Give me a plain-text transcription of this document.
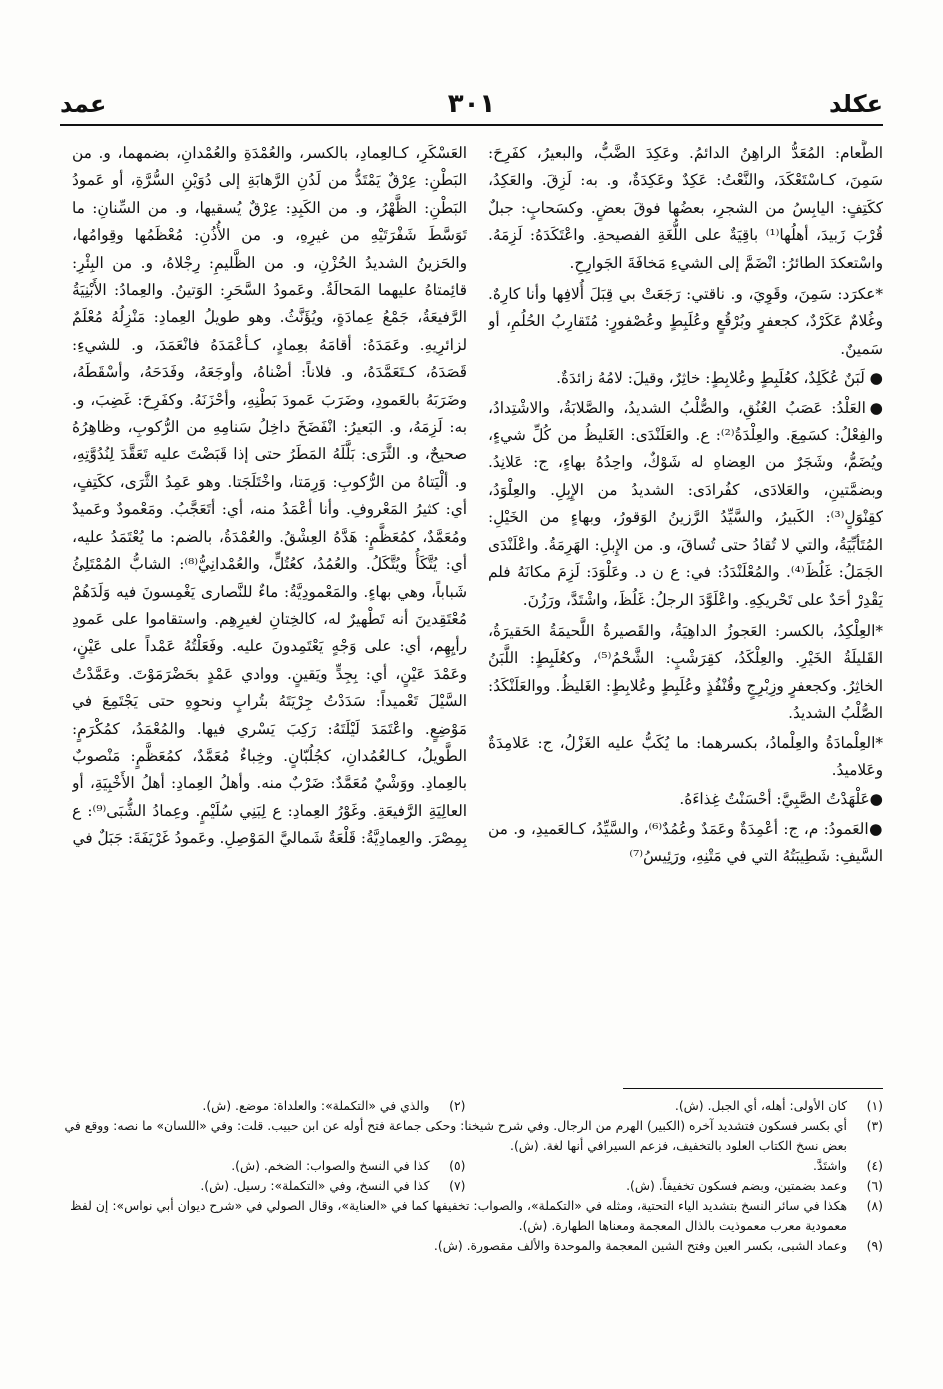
عكلد
٣٠١
عمد

الطَّعام: المُعَدُّ الراهِنُ الدائمُ. وعَكِدَ الضَّبُّ، والبعيرُ، كفَرِحَ: سَمِنَ، كـاسْتَعْكَدَ، والنَّعْتُ: عَكِدٌ وعَكِدَةٌ، و. به: لَزِقَ. والعَكِدُ، ككَتِفٍ: اليابِسُ من الشجرِ، بعضُها فوقَ بعضٍ. وكسَحابٍ: جبلٌ قُرْبَ زَبيدَ، أهلُها⁽¹⁾ باقِيَةٌ على اللُّغَةِ الفصيحةِ. واعْتَكَدَهُ: لَزِمَهُ. واسْتعكدَ الطائرُ: انْضَمَّ إلى الشيءِ مَخافَةَ الجَوارِحِ.

*عكرَد: سَمِنَ، وقَوِيَ، و. ناقتي: رَجَعَتْ بي قِبَلَ أُلافِها وأنا كارِهٌ. وغُلامٌ عَكَرْدٌ، كجعفرٍ وبُرْقُعٍ وعُلَبِطٍ وعُصْفورٍ: مُتَقارِبُ الحُلُمِ، أو سَمينٌ.

● لَبَنٌ عُكَلِدٌ، كعُلَبِطٍ وعُلابِطٍ: خاثِرٌ، وقيلَ: لامُهُ زائدَةٌ.

●العَلْدُ: عَصَبُ العُنُقِ، والصُّلْبُ الشديدُ، والصَّلابَةُ، والاشْتِدادُ، والفِعْلُ: كسَمِعَ. والعِلْدَةُ⁽²⁾: ع. والعَلَنْدَى: الغَليظُ من كُلِّ شيءٍ، ويُضَمُّ، وشَجَرٌ من العِضاهِ له شَوْكٌ، واحِدُهُ بهاءٍ، ج: عَلانِدُ. وبضمَّتينِ، والعَلادَى، كفُرادَى: الشديدُ من الإِبِلِ. والعِلْوَدُ، كقِنْوَلٍ⁽³⁾: الكَبيرُ، والسَّيِّدُ الرَّزينُ الوَقورُ، وبهاءٍ من الخَيْلِ: المُتَأبِّيَةُ، والتي لا تُقادُ حتى تُساقَ، و. من الإِبلِ: الهَرِمَةُ. واعْلَنْدَى الجَمَلُ: غَلُظَ⁽⁴⁾. والمُعْلَنْدَدُ: في: ع ن د. وعَلْوَدَ: لَزِمَ مكانَهُ فلم يَقْدِرْ أحَدٌ على تَحْريكِهِ. واعْلَوَّدَ الرجلُ: غَلُظَ، واشْتَدَّ، ورَزُنَ.

*العِلْكِدُ، بالكسر: العَجوزُ الداهِيَةُ، والقَصيرةُ اللَّحيمَةُ الحَقيرَةُ، القَليلَةُ الخَيْرِ. والعِلْكَدُ، كقِرَشْبٍ: الشَّحْمُ⁽⁵⁾، وكعُلَبِطٍ: اللَّبَنُ الخاثِرُ. وكجعفرٍ وزِبْرِجٍ وقُنْفُذٍ وعُلَبِطٍ وعُلابِطٍ: الغَليظُ. ووالعَلَنْكَدُ: الصُّلْبُ الشديدُ.

*العِلْمادَةُ والعِلْمادُ، بكسرهما: ما يُكَبُّ عليه الغَزْلُ، ج: عَلامِدَةٌ وعَلاميدُ.

●عَلْهَدْتُ الصَّبِيَّ: أحْسَنْتُ غِذاءَهُ.

●العَمودُ: م، ج: أعْمِدَةٌ وعَمَدٌ وعُمُدٌ⁽⁶⁾، والسَّيِّدُ، كـالعَميدِ، و. من السَّيفِ: شَطِيبَتُهُ التي في مَتْنِهِ، ورَئِيسُ⁽⁷⁾

العَسْكَرِ، كـالعِمادِ، بالكسر، والعُمْدَةِ والعُمْدانِ، بضمهما، و. من البَطْنِ: عِرْقٌ يَمْتَدُّ من لَدُنِ الرَّهابَةِ إلى دُوَيْنِ السُّرَّةِ، أو عَمودُ البَطْنِ: الظَّهْرُ، و. من الكَبِدِ: عِرْقٌ يُسقيها، و. من السِّنانِ: ما تَوَسَّطَ شَفْرَتَيْهِ من غيرِهِ، و. من الأُذُنِ: مُعْظَمُها وقِوامُها، والحَزينُ الشديدُ الحُزْنِ، و. من الظَّليمِ: رِجْلاهُ، و. من البِئْرِ: قائِمتاهُ عليهما المَحالَةُ. وعَمودُ السَّحَرِ: الوَتينُ. والعِمادُ: الأَبْنِيَةُ الرَّفيعَةُ، جَمْعُ عِمادَةٍ، ويُؤَنَّثُ. وهو طويلُ العِمادِ: مَنْزِلُهُ مُعْلَمٌ لزائرِيهِ. وعَمَدَهُ: أقامَهُ بعِمادٍ، كـأعْمَدَهُ فانْعَمَدَ، و. للشيءِ: قَصَدَهُ، كـتَعَمَّدَهُ، و. فلاناً: أضْناهُ، وأوجَعَهُ، وفَدَحَهُ، وأسْقَطَهُ، وضَرَبَهُ بالعَمودِ، وضَرَبَ عَمودَ بَطْنِهِ، وأحْزَنَهُ. وكفَرِحَ: غَضِبَ، و. به: لَزِمَهُ، و. البَعيرُ: انْفَضَخَ داخِلُ سَنامِهِ من الرُّكوبِ، وظاهِرُهُ صحيحٌ، و. الثَّرَى: بَلَّلَهُ المَطَرُ حتى إذا قَبَضْتَ عليه تَعَقَّدَ لِنُدُوَّتِهِ، و. ألْيَتاهُ من الرُّكوبِ: وَرِمَتا، واخْتَلَجَتا. وهو عَمِدُ الثَّرَى، ككَتِفٍ، أي: كثيرُ المَعْروفِ. وأنا أعْمَدُ منه، أي: أتَعَجَّبُ. ومَعْمودٌ وعَميدٌ ومُعَمَّدٌ، كمُعَظَّمٍ: هَدَّهُ العِشْقُ. والعُمْدَةُ، بالضم: ما يُعْتَمَدُ عليه، أي: يُتَّكَأُ ويُتَّكَلُ. والعُمُدُ، كعُتُلٍّ، والعُمْدانِيُّ⁽⁸⁾: الشابُّ المُمْتَلِئُ شَباباً، وهي بهاءٍ. والمَعْمودِيَّةُ: ماءٌ للنَّصارى يَغْمِسونَ فيه وَلَدَهُمْ مُعْتَقِدينَ أنه تَطْهيرٌ له، كالخِتانِ لغيرِهِم. واستقاموا على عَمودِ رأيِهِم، أي: على وَجْهٍ يَعْتَمِدونَ عليه. وفَعَلْتُهُ عَمْداً على عَيْنٍ، وعَمْدَ عَيْنٍ، أي: بِجِدٍّ ويَقينٍ. ووادي عَمْدٍ بحَضْرَمَوْتَ. وعَمَّدْتُ السَّيْلَ تَعْميداً: سَدَدْتُ جِرْيَتَهُ بتُرابٍ ونحوِهِ حتى يَجْتَمِعَ في مَوْضِعٍ. واعْتَمَدَ لَيْلَتَهُ: رَكِبَ يَسْري فيها. والمُعْمَدُ، كمُكْرَمٍ: الطَّويلُ، كـالعُمُدانِ، كجُلُبّانٍ. وخِباءٌ مُعَمَّدٌ، كمُعَظَّمٍ: مَنْصوبٌ بالعِمادِ. ووَشْيٌ مُعَمَّدٌ: ضَرْبٌ منه. وأهلُ العِمادِ: أهلُ الأَخْبِيَةِ، أو العالِيَةِ الرَّفيعَةِ. وغَوْرُ العِمادِ: ع لِبَنِي سُلَيْمٍ. وعِمادُ الشُّبَى⁽⁹⁾: ع بِمِصْرَ. والعِمادِيَّةُ: قَلْعَةٌ شَماليَّ المَوْصِلِ. وعَمودُ غَرْيَفَةَ: جَبَلٌ في

(١)
كان الأولى: أهله، أي الجبل. (ش).
(٢)
والذي في «التكملة»: والعلداة: موضع. (ش).
(٣)
أي بكسر فسكون فتشديد آخره (الكبير) الهرم من الرجال. وفي شرح شيخنا: وحكى جماعة فتح أوله عن ابن حبيب. قلت: وفي «اللسان» ما نصه: ووقع في بعض نسخ الكتاب العلود بالتخفيف، فزعم السيرافي أنها لغة. (ش).
(٤)
واشتَدَّ.
(٥)
كذا في النسخ والصواب: الضخم. (ش).
(٦)
وعمد بضمتين، وبضم فسكون تخفيفاً. (ش).
(٧)
كذا في النسخ، وفي «التكملة»: رسيل. (ش).
(٨)
هكذا في سائر النسخ بتشديد الياء التحتية، ومثله في «التكملة»، والصواب: تخفيفها كما في «العناية»، وقال الصولي في «شرح ديوان أبي نواس»: إن لفظ معمودية معرب معموذيت بالذال المعجمة ومعناها الطهارة. (ش).
(٩)
وعماد الشبى، بكسر العين وفتح الشين المعجمة والموحدة والألف مقصورة. (ش).
